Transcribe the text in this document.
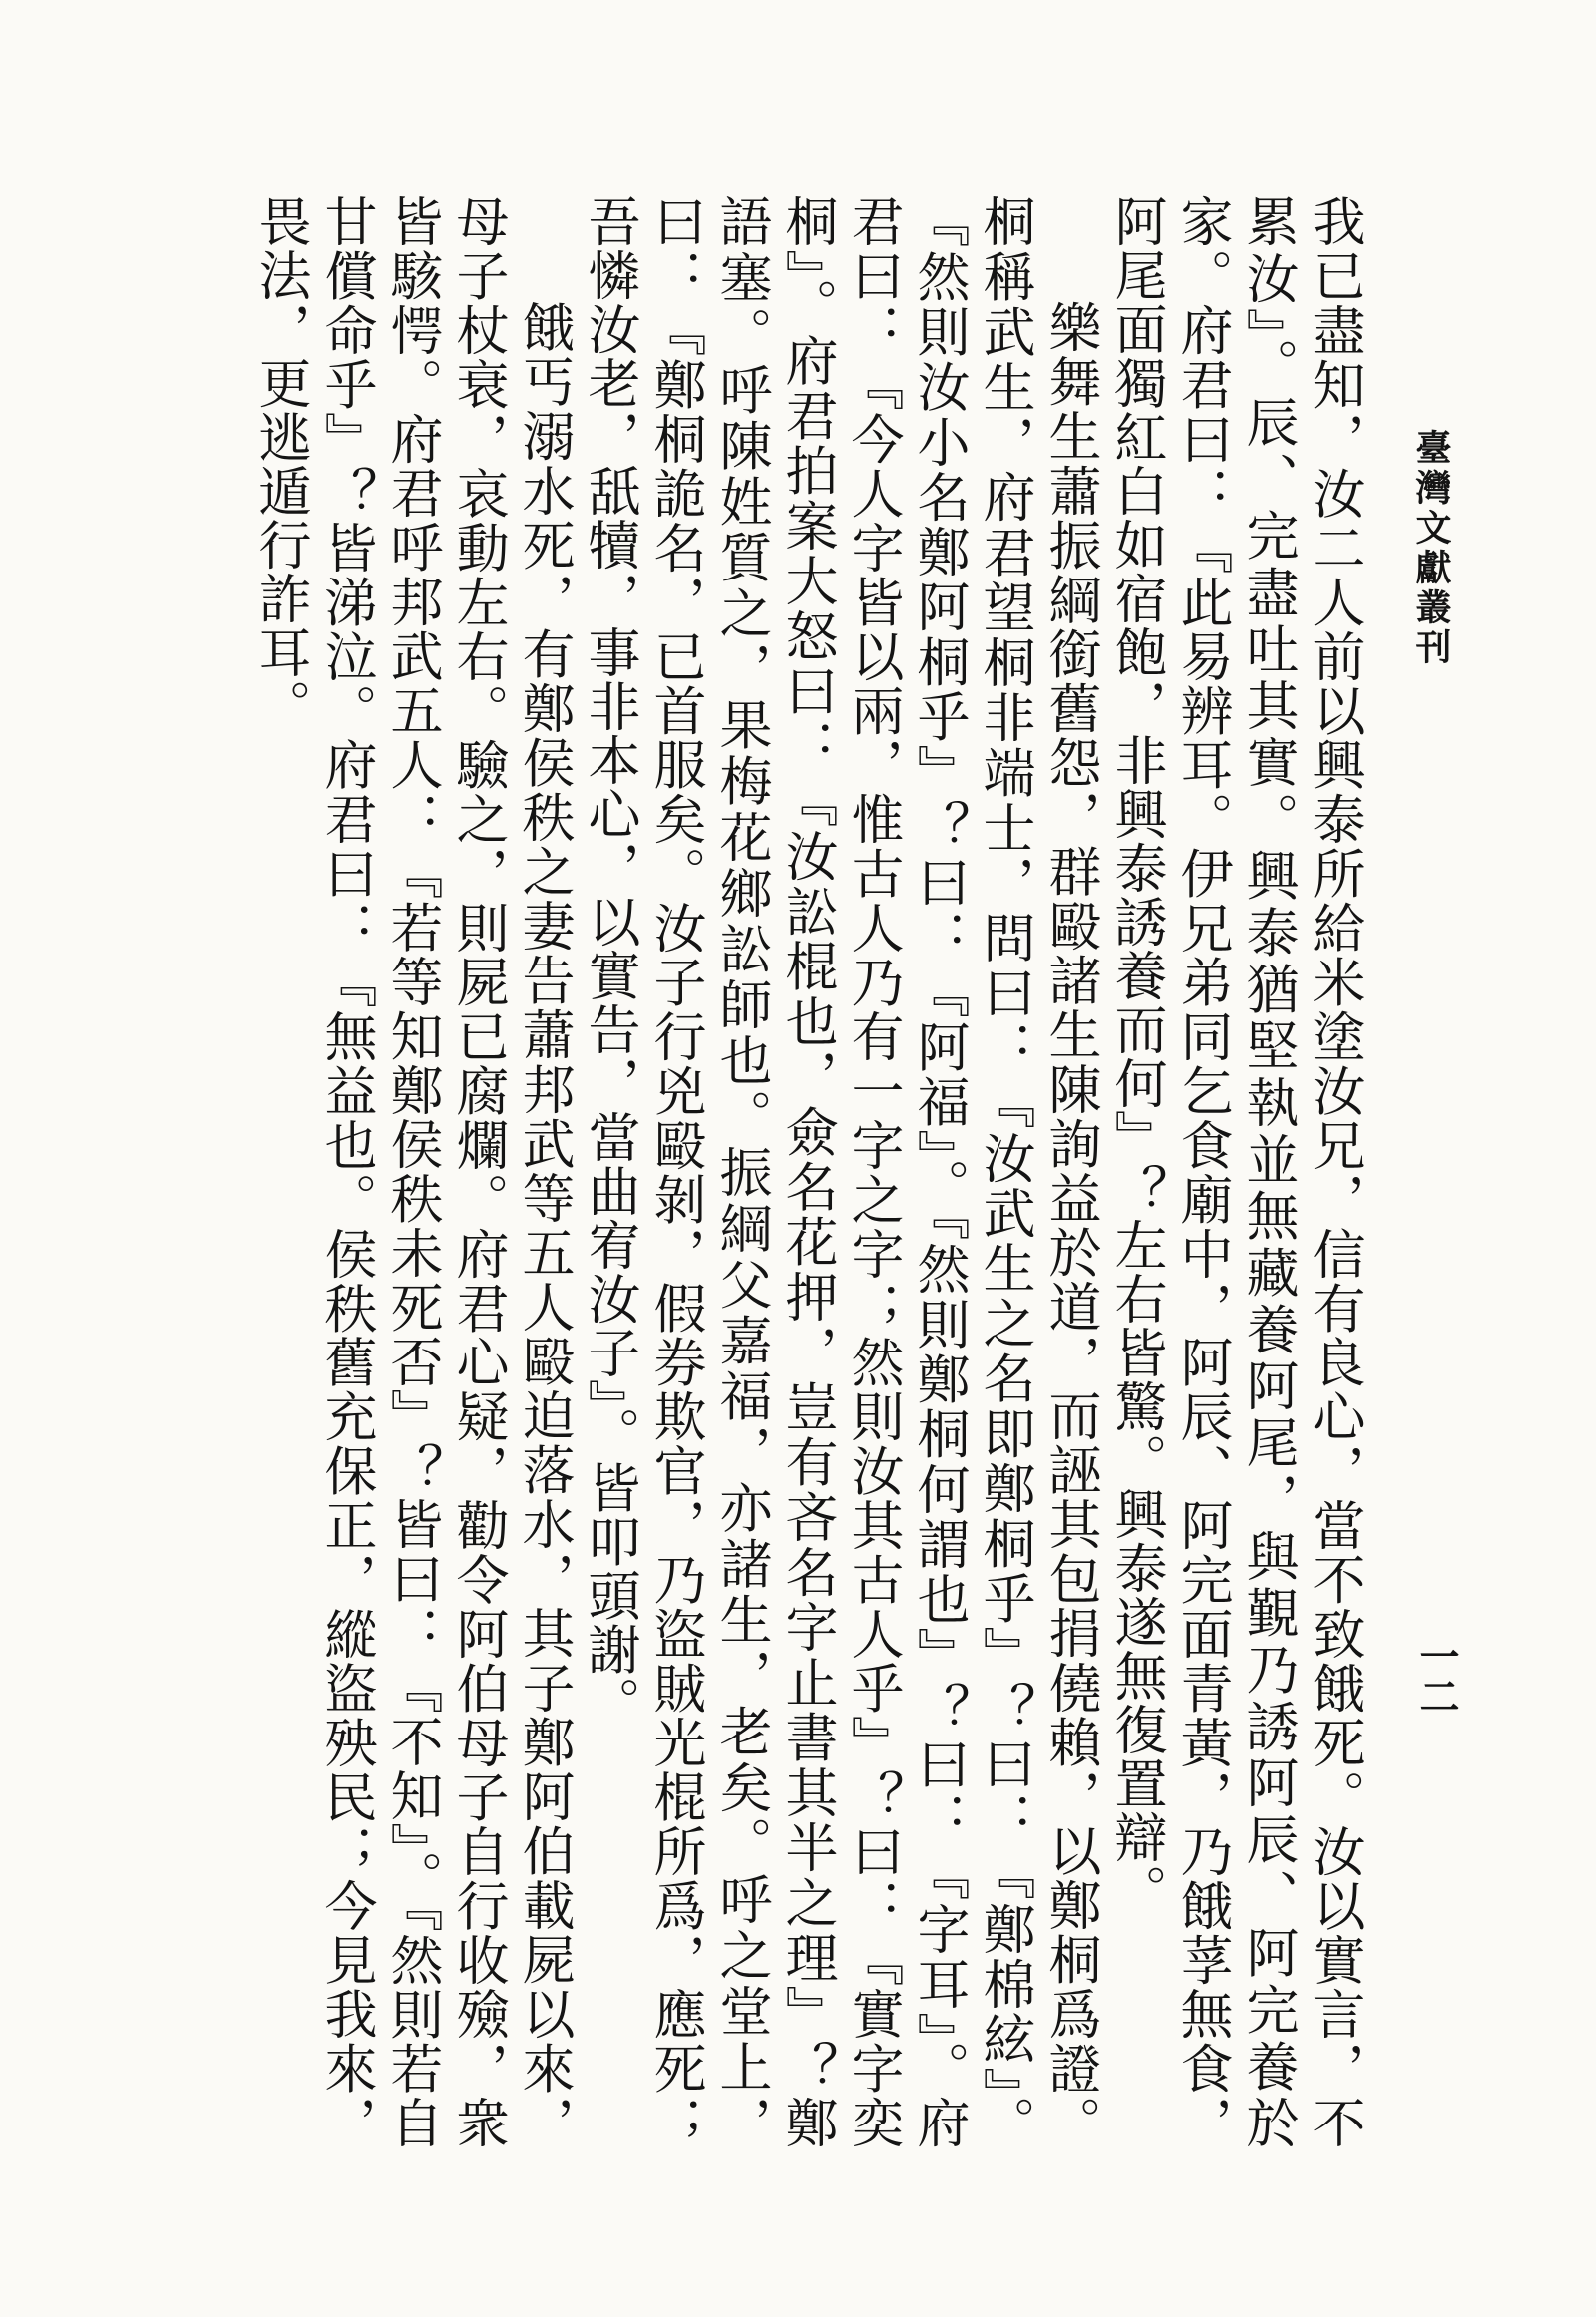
臺灣文獻叢刊
一二

我已盡知，汝二人前以興泰所給米塗汝兄，信有良心，當不致餓死。汝以實言，不累汝』。辰、完盡吐其實。興泰猶堅執並無藏養阿尾，與覲乃誘阿辰、阿完養於家。府君曰：『此易辨耳。伊兄弟同乞食廟中，阿辰、阿完面青黃，乃餓莩無食，阿尾面獨紅白如宿飽，非興泰誘養而何』？左右皆驚。興泰遂無復置辯。

樂舞生蕭振綱銜舊怨，群毆諸生陳詢益於道，而誣其包捐僥賴，以鄭桐爲證。桐稱武生，府君望桐非端士，問曰：『汝武生之名即鄭桐乎』？曰：『鄭棉絃』。『然則汝小名鄭阿桐乎』？曰：『阿福』。『然則鄭桐何謂也』？曰：『字耳』。府君曰：『今人字皆以兩，惟古人乃有一字之字；然則汝其古人乎』？曰：『實字奕桐』。府君拍案大怒曰：『汝訟棍也，僉名花押，豈有吝名字止書其半之理』？鄭語塞。呼陳姓質之，果梅花鄉訟師也。振綱父嘉福，亦諸生，老矣。呼之堂上，曰：『鄭桐詭名，已首服矣。汝子行兇毆剝，假券欺官，乃盜賊光棍所爲，應死；吾憐汝老，舐犢，事非本心，以實告，當曲宥汝子』。皆叩頭謝。

餓丐溺水死，有鄭侯秩之妻告蕭邦武等五人毆迫落水，其子鄭阿伯載屍以來，母子杖衰，哀動左右。驗之，則屍已腐爛。府君心疑，勸令阿伯母子自行收殮，衆皆駭愕。府君呼邦武五人：『若等知鄭侯秩未死否』？皆曰：『不知』。『然則若自甘償命乎』？皆涕泣。府君曰：『無益也。侯秩舊充保正，縱盜殃民；今見我來，畏法，更逃遁行詐耳。
